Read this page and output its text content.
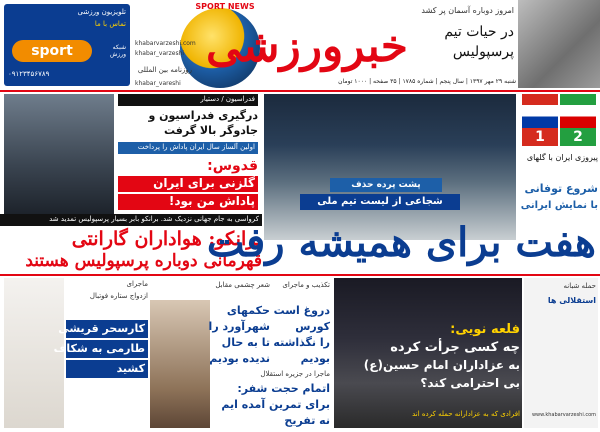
امروز دوباره آسمان پر کشد
در حیات تیم پرسپولیس
خبرورزشی
SPORT NEWS
روزنامه بین المللی
khabarvarzeshi.com
khabar_varzeshi
khabar_vareshi	شنبه ۲۹ مهر ۱۳۹۷ | سال پنجم | شماره ۱۷۸۵ | ۳۵ صفحه | ۱۰۰۰ تومان
تلویزیون ورزشی
تماس با ما
sport	شبکه ورزش
۰۹۱۲۳۴۵۶۷۸۹
فدراسیون / دستیار
درگیری فدراسیون و جادوگر بالا گرفت
اولین آلساز سال ایران پاداش را پرداخت
قدوس:
گلزنی برای ایران
پاداش من بود!
کرواسی به جام جهانی نزدیک شد. برانکو بابر بسیار پرسپولیس تمدید شد
برانکو: هواداران گارانتی
قهرمانی دوباره پرسپولیس هستند
پشت پرده حذف
شجاعی از لیست تیم ملی
2
1
پیروزی ایران با گلهای
شروع توفانی
با نمایش ایرانی
هفت برای همیشه رفت
ماجرای
ازدواج ستاره فوتبال
کارسحر قریشی
طارمی به شکاف
کشید
شعر چشمی مقابل
حکمهای
شهرآورد را
تا به حال
ندیده بودیم
تکذیب و ماجرای
دروغ است
کورس
را نگذاشته
بودیم
ماجرا در جزیره استقلال
اتمام حجت شفر:
برای تمرین آمده ایم
نه تفریح
فلعه نویی:
چه کسی جرأت کرده
به عزاداران امام حسین(ع)
بی احترامی کند؟
افرادی که به عزادارانه حمله کرده اند
حمله شبانه
استقلالی ها
www.khabarvarzeshi.com
